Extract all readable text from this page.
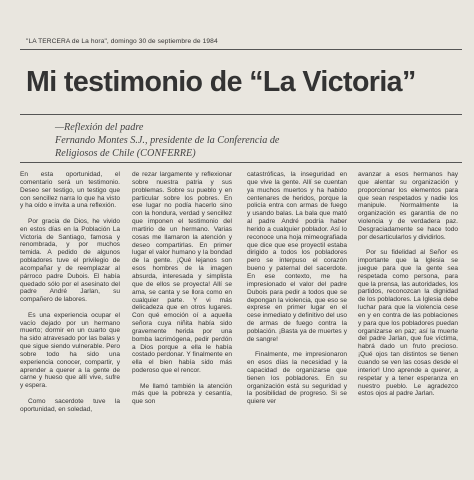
"LA TERCERA de La hora", domingo 30 de septiembre de 1984
Mi testimonio de “La Victoria”
—Reflexión del padre
Fernando Montes S.J., presidente de la Conferencia de
Religiosos de Chile (CONFERRE)

En esta oportunidad, el comentario será un testimonio. Deseo ser testigo, un testigo que con sencillez narra lo que ha visto y ha oído e invita a una reflexión.

Por gracia de Dios, he vivido en estos días en la Población La Victoria de Santiago, famosa y renombrada, y por muchos temida. A pedido de algunos pobladores tuve el privilegio de acompañar y de reemplazar al párroco padre Dubois. El había quedado sólo por el asesinato del padre André Jarlan, su compañero de labores.

Es una experiencia ocupar el vacío dejado por un hermano muerto; dormir en un cuarto que ha sido atravesado por las balas y que sigue siendo vulnerable. Pero sobre todo ha sido una experiencia conocer, compartir, y aprender a querer a la gente de carne y hueso que allí vive, sufre y espera.

Como sacerdote tuve la oportunidad, en soledad,

de rezar largamente y reflexionar sobre nuestra patria y sus problemas. Sobre su pueblo y en particular sobre los pobres. En ese lugar no podía hacerlo sino con la hondura, verdad y sencillez que imponen el testimonio del martirio de un hermano. Varias cosas me llamaron la atención y deseo compartirlas. En primer lugar el valor humano y la bondad de la gente. ¡Qué lejanos son esos hombres de la imagen absurda, interesada y simplista que de ellos se proyecta! Allí se ama, se canta y se llora como en cualquier parte. Y vi más delicadeza que en otros lugares. Con qué emoción oí a aquella señora cuya niñita había sido gravemente herida por una bomba lacrimógena, pedir perdón a Dios porque a ella le había costado perdonar. Y finalmente en ella el bien había sido más poderoso que el rencor.

Me llamó también la atención más que la pobreza y cesantía, que son

catastróficas, la inseguridad en que vive la gente. Allí se cuentan ya muchos muertos y ha habido centenares de heridos, porque la policía entra con armas de fuego y usando balas. La bala que mató al padre André podría haber herido a cualquier poblador. Así lo reconoce una hoja mimeografiada que dice que ese proyectil estaba dirigido a todos los pobladores pero se interpuso el corazón bueno y paternal del sacerdote. En ese contexto, me ha impresionado el valor del padre Dubois para pedir a todos que se depongan la violencia, que eso se exprese en primer lugar en el cese inmediato y definitivo del uso de armas de fuego contra la población. ¡Basta ya de muertes y de sangre!

Finalmente, me impresionaron en esos días la necesidad y la capacidad de organizarse que tienen los pobladores. En su organización está su seguridad y la posibilidad de progreso. Si se quiere ver

avanzar a esos hermanos hay que alentar su organización y proporcionar los elementos para que sean respetados y nadie los manipule. Normalmente la organización es garantía de no violencia y de verdadera paz. Desgraciadamente se hace todo por desarticularlos y dividirlos.

Por su fidelidad al Señor es importante que la Iglesia se juegue para que la gente sea respetada como persona, para que la prensa, las autoridades, los partidos, reconozcan la dignidad de los pobladores. La Iglesia debe luchar para que la violencia cese en y en contra de las poblaciones y para que los pobladores puedan organizarse en paz; así la muerte del padre Jarlan, que fue víctima, habrá dado un fruto precioso. ¡Qué ojos tan distintos se tienen cuando se ven las cosas desde el interior! Uno aprende a querer, a respetar y a tener esperanza en nuestro pueblo. Le agradezco estos ojos al padre Jarlan.
